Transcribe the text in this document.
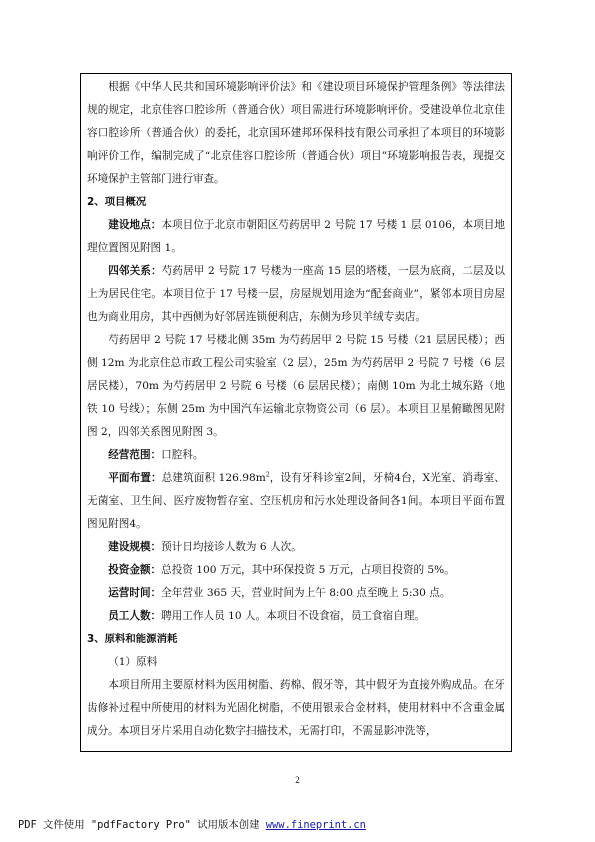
根据《中华人民共和国环境影响评价法》和《建设项目环境保护管理条例》等法律法规的规定，北京佳容口腔诊所（普通合伙）项目需进行环境影响评价。受建设单位北京佳容口腔诊所（普通合伙）的委托，北京国环建邦环保科技有限公司承担了本项目的环境影响评价工作，编制完成了“北京佳容口腔诊所（普通合伙）项目”环境影响报告表，现提交环境保护主管部门进行审查。

2、项目概况

建设地点：本项目位于北京市朝阳区芍药居甲 2 号院 17 号楼 1 层 0106，本项目地理位置图见附图 1。

四邻关系：芍药居甲 2 号院 17 号楼为一座高 15 层的塔楼，一层为底商，二层及以上为居民住宅。本项目位于 17 号楼一层，房屋规划用途为“配套商业”，紧邻本项目房屋也为商业用房，其中西侧为好邻居连锁便利店，东侧为珍贝羊绒专卖店。

芍药居甲 2 号院 17 号楼北侧 35m 为芍药居甲 2 号院 15 号楼（21 层居民楼）；西侧 12m 为北京住总市政工程公司实验室（2 层），25m 为芍药居甲 2 号院 7 号楼（6 层居民楼），70m 为芍药居甲 2 号院 6 号楼（6 层居民楼）；南侧 10m 为北土城东路（地铁 10 号线）；东侧 25m 为中国汽车运输北京物资公司（6 层）。本项目卫星俯瞰图见附图 2，四邻关系图见附图 3。

经营范围：口腔科。

平面布置：总建筑面积 $126.98m^2$，设有牙科诊室2间，牙椅4台，X光室、消毒室、无菌室、卫生间、医疗废物暂存室、空压机房和污水处理设备间各1间。本项目平面布置图见附图4。

建设规模：预计日均接诊人数为 6 人次。

投资金额：总投资 100 万元，其中环保投资 5 万元，占项目投资的 5%。

运营时间：全年营业 365 天，营业时间为上午 8:00 点至晚上 5:30 点。

员工人数：聘用工作人员 10 人。本项目不设食宿，员工食宿自理。

3、原料和能源消耗

（1）原料

本项目所用主要原材料为医用树脂、药棉、假牙等，其中假牙为直接外购成品。在牙齿修补过程中所使用的材料为光固化树脂，不使用银汞合金材料，使用材料中不含重金属成分。本项目牙片采用自动化数字扫描技术，无需打印，不需显影冲洗等，

2
PDF 文件使用 "pdfFactory Pro" 试用版本创建 www.fineprint.cn
